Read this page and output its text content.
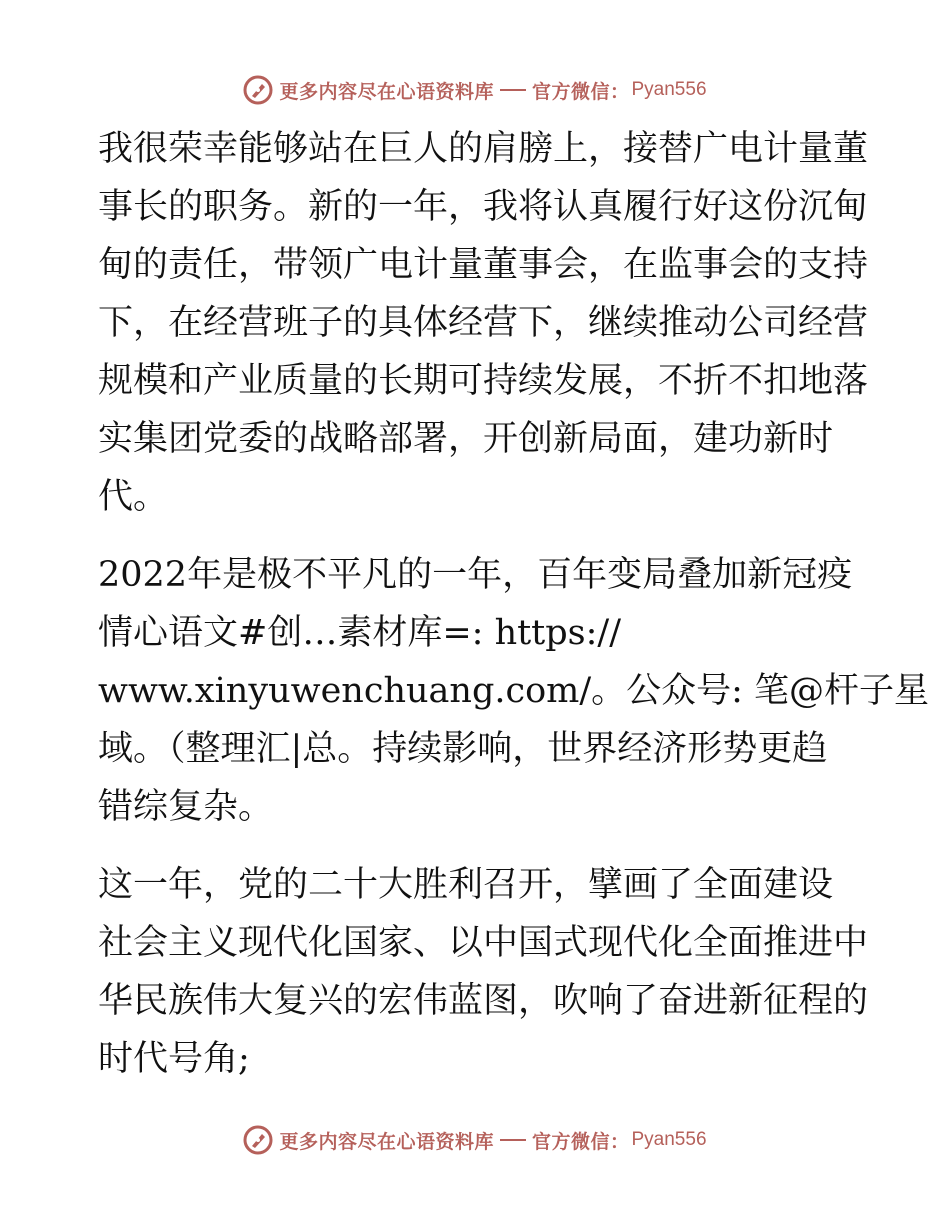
更多内容尽在心语资料库 官方微信： Pyan556
我很荣幸能够站在巨人的肩膀上，接替广电计量董
事长的职务。新的一年，我将认真履行好这份沉甸
甸的责任，带领广电计量董事会，在监事会的支持
下，在经营班子的具体经营下，继续推动公司经营
规模和产业质量的长期可持续发展，不折不扣地落
实集团党委的战略部署，开创新局面，建功新时
代。
2022年是极不平凡的一年，百年变局叠加新冠疫
情心语文#创…素材库=: https://
www.xinyuwenchuang.com/。公众号: 笔@杆子星
域。（整理汇|总。持续影响，世界经济形势更趋
错综复杂。
这一年，党的二十大胜利召开，擘画了全面建设
社会主义现代化国家、以中国式现代化全面推进中
华民族伟大复兴的宏伟蓝图，吹响了奋进新征程的
时代号角;
更多内容尽在心语资料库 官方微信： Pyan556
